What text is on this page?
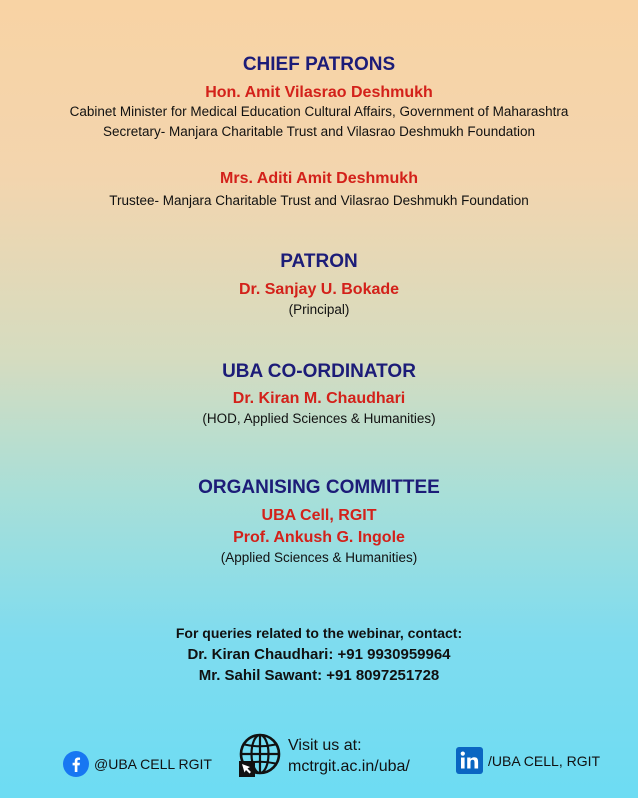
CHIEF PATRONS
Hon. Amit Vilasrao Deshmukh
Cabinet Minister for Medical Education Cultural Affairs, Government of Maharashtra
Secretary- Manjara Charitable Trust and Vilasrao Deshmukh Foundation
Mrs. Aditi Amit Deshmukh
Trustee- Manjara Charitable Trust and Vilasrao Deshmukh Foundation
PATRON
Dr. Sanjay U. Bokade
(Principal)
UBA CO-ORDINATOR
Dr. Kiran M. Chaudhari
(HOD, Applied Sciences & Humanities)
ORGANISING COMMITTEE
UBA Cell, RGIT
Prof. Ankush G. Ingole
(Applied Sciences & Humanities)
For queries related to the webinar, contact:
Dr. Kiran Chaudhari: +91 9930959964
Mr. Sahil Sawant: +91 8097251728
@UBA CELL RGIT
Visit us at:
mctrgit.ac.in/uba/	/UBA CELL, RGIT
